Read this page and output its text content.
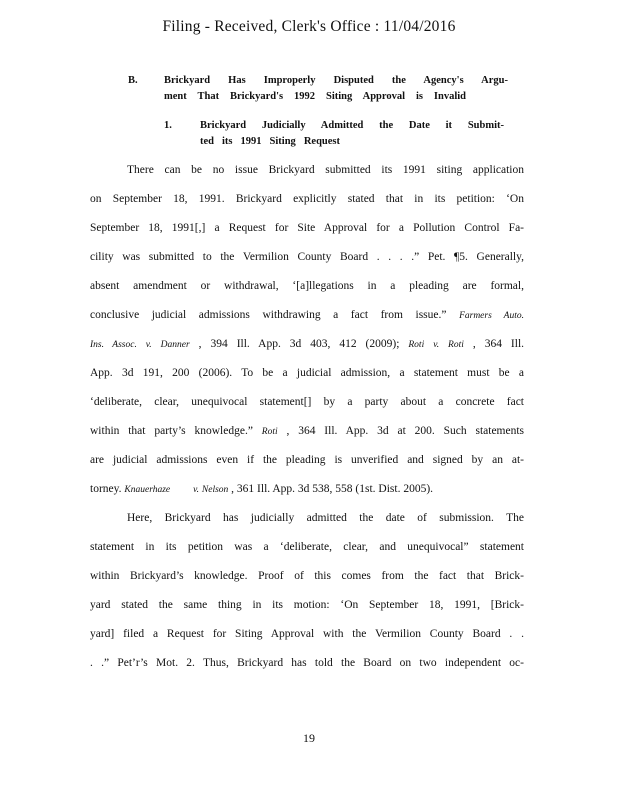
Filing - Received, Clerk's Office : 11/04/2016
B.	Brickyard Has Improperly Disputed the Agency's Argu-
ment That Brickyard's 1992 Siting Approval is Invalid
1.	Brickyard Judicially Admitted the Date it Submit-
ted its 1991 Siting Request
There can be no issue Brickyard submitted its 1991 siting application
on September 18, 1991. Brickyard explicitly stated that in its petition: ‘On
September 18, 1991[,] a Request for Site Approval for a Pollution Control Fa-
cility was submitted to the Vermilion County Board . . . .” Pet. ¶5. Generally,
absent amendment or withdrawal, ‘[a]llegations in a pleading are formal,
conclusive judicial admissions withdrawing a fact from issue.” Farmers Auto.
Ins. Assoc. v. Danner , 394 Ill. App. 3d 403, 412 (2009); Roti v. Roti , 364 Ill.
App. 3d 191, 200 (2006). To be a judicial admission, a statement must be a
‘deliberate, clear, unequivocal statement[] by a party about a concrete fact
within that party’s knowledge.” Roti , 364 Ill. App. 3d at 200. Such statements
are judicial admissions even if the pleading is unverified and signed by an at-
torney. Knauerhaze v. Nelson , 361 Ill. App. 3d 538, 558 (1st. Dist. 2005).
Here, Brickyard has judicially admitted the date of submission. The
statement in its petition was a ‘deliberate, clear, and unequivocal” statement
within Brickyard’s knowledge. Proof of this comes from the fact that Brick-
yard stated the same thing in its motion: ‘On September 18, 1991, [Brick-
yard] filed a Request for Siting Approval with the Vermilion County Board . .
. .” Pet’r’s Mot. 2. Thus, Brickyard has told the Board on two independent oc-
19
